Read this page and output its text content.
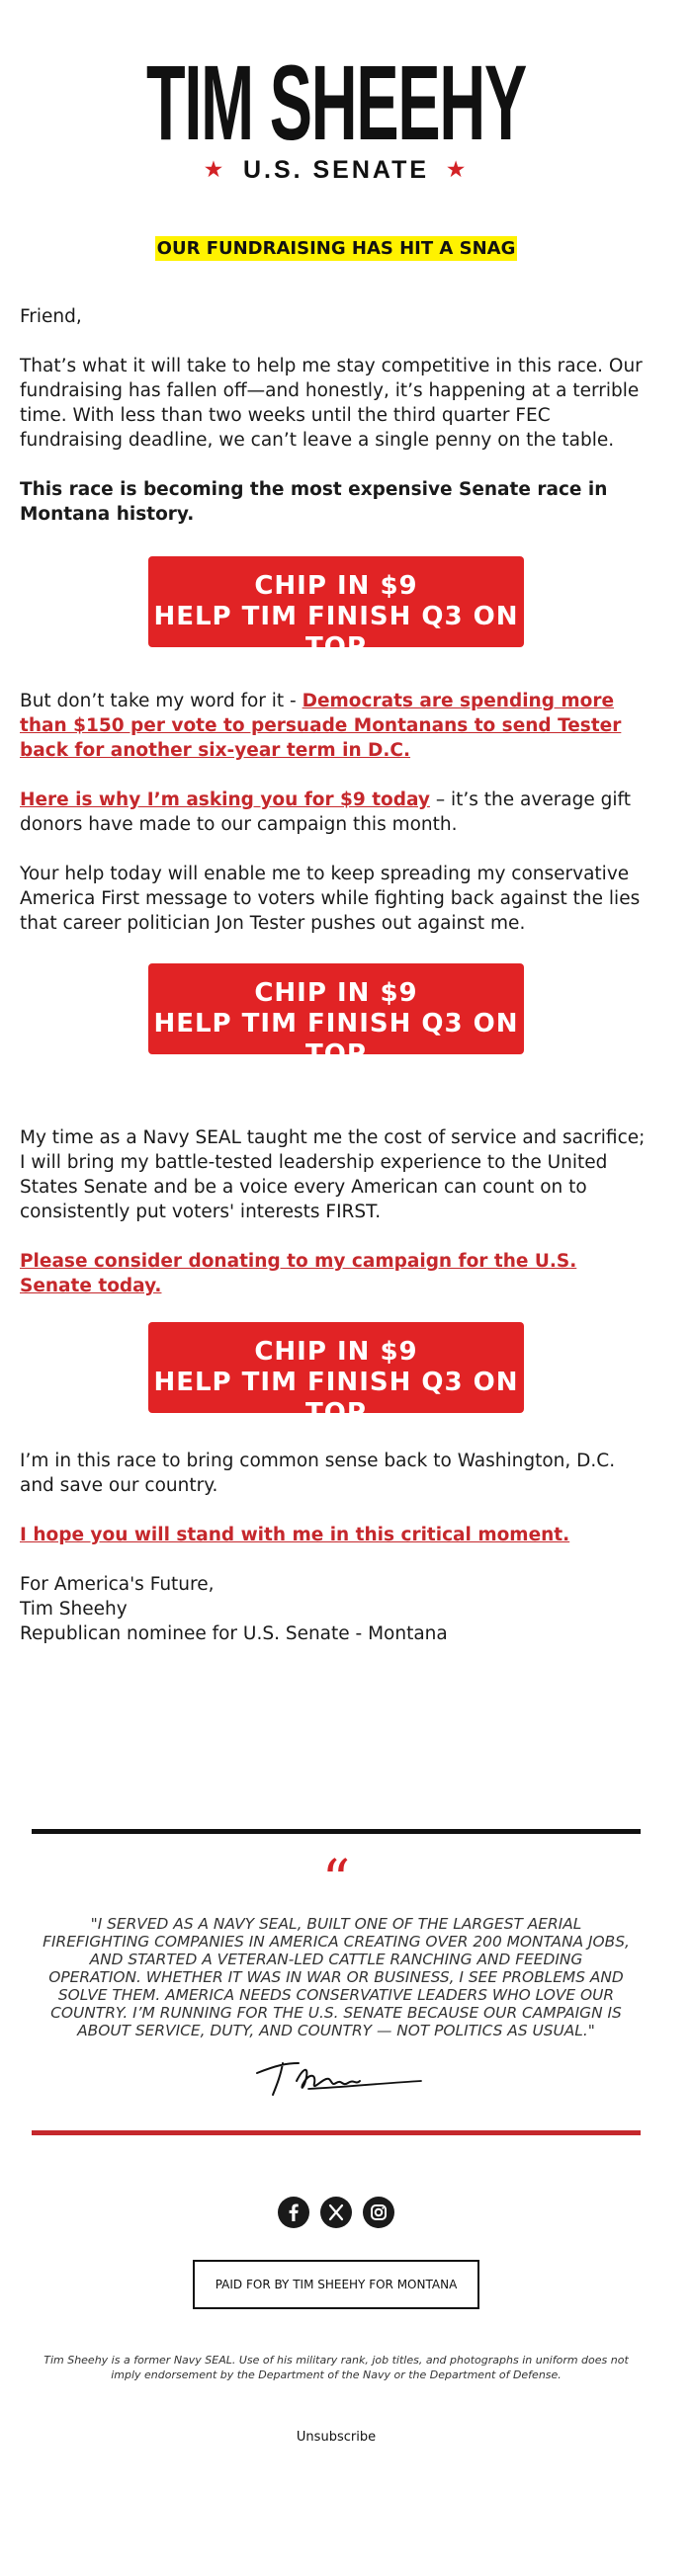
TIM SHEEHY
★ U.S. SENATE ★
OUR FUNDRAISING HAS HIT A SNAG

Friend,

That’s what it will take to help me stay competitive in this race. Our fundraising has fallen off—and honestly, it’s happening at a terrible time. With less than two weeks until the third quarter FEC fundraising deadline, we can’t leave a single penny on the table.

This race is becoming the most expensive Senate race in Montana history.

CHIP IN $9
HELP TIM FINISH Q3 ON TOP

But don’t take my word for it - Democrats are spending more than $150 per vote to persuade Montanans to send Tester back for another six-year term in D.C.

Here is why I’m asking you for $9 today – it’s the average gift donors have made to our campaign this month.

Your help today will enable me to keep spreading my conservative America First message to voters while fighting back against the lies that career politician Jon Tester pushes out against me.

CHIP IN $9
HELP TIM FINISH Q3 ON TOP

My time as a Navy SEAL taught me the cost of service and sacrifice; I will bring my battle-tested leadership experience to the United States Senate and be a voice every American can count on to consistently put voters' interests FIRST.

Please consider donating to my campaign for the U.S. Senate today.

CHIP IN $9
HELP TIM FINISH Q3 ON TOP

I’m in this race to bring common sense back to Washington, D.C. and save our country.

I hope you will stand with me in this critical moment.

For America's Future,
Tim Sheehy
Republican nominee for U.S. Senate - Montana
“
"I SERVED AS A NAVY SEAL, BUILT ONE OF THE LARGEST AERIAL FIREFIGHTING COMPANIES IN AMERICA CREATING OVER 200 MONTANA JOBS, AND STARTED A VETERAN-LED CATTLE RANCHING AND FEEDING OPERATION. WHETHER IT WAS IN WAR OR BUSINESS, I SEE PROBLEMS AND SOLVE THEM. AMERICA NEEDS CONSERVATIVE LEADERS WHO LOVE OUR COUNTRY. I’M RUNNING FOR THE U.S. SENATE BECAUSE OUR CAMPAIGN IS ABOUT SERVICE, DUTY, AND COUNTRY — NOT POLITICS AS USUAL."

PAID FOR BY TIM SHEEHY FOR MONTANA
Tim Sheehy is a former Navy SEAL. Use of his military rank, job titles, and photographs in uniform does not imply endorsement by the Department of the Navy or the Department of Defense.
Unsubscribe
